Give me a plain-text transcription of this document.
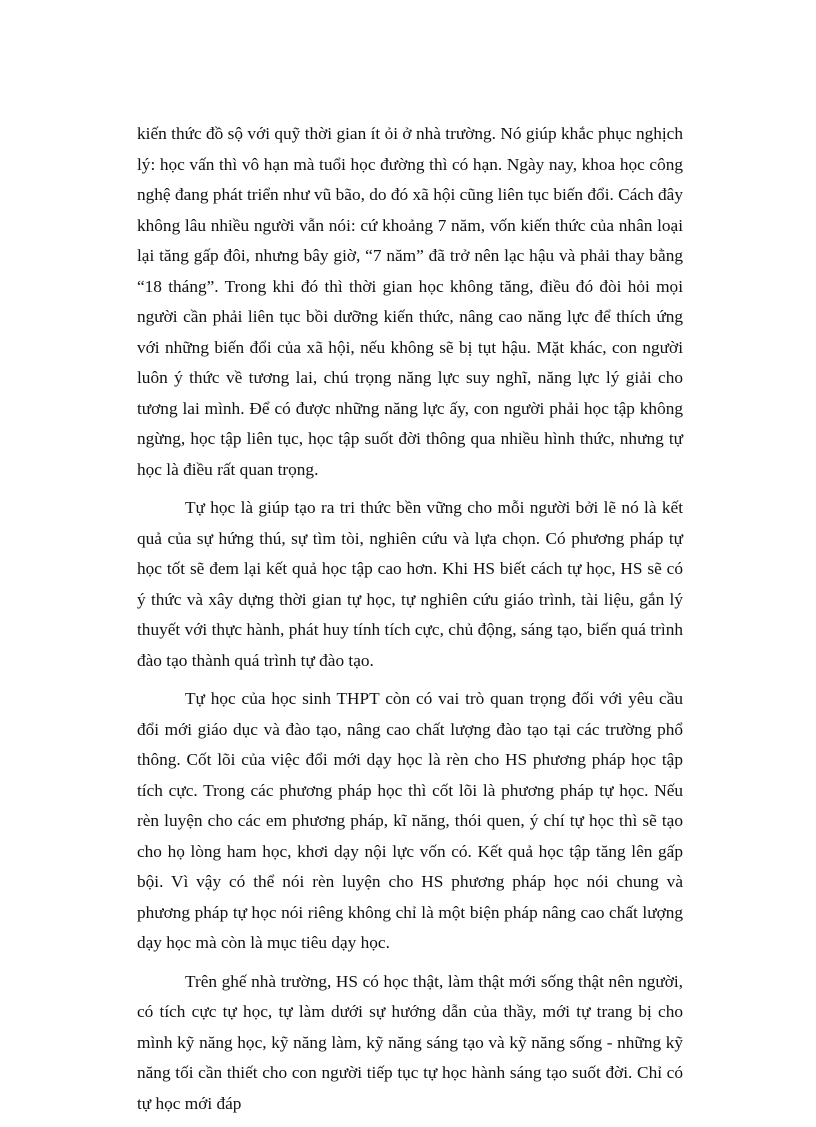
kiến thức đồ sộ với quỹ thời gian ít ỏi ở nhà trường. Nó giúp khắc phục nghịch lý: học vấn thì vô hạn mà tuổi học đường thì có hạn. Ngày nay, khoa học công nghệ đang phát triển như vũ bão, do đó xã hội cũng liên tục biến đổi. Cách đây không lâu nhiều người vẫn nói: cứ khoảng 7 năm, vốn kiến thức của nhân loại lại tăng gấp đôi, nhưng bây giờ, “7 năm” đã trở nên lạc hậu và phải thay bằng “18 tháng”. Trong khi đó thì thời gian học không tăng, điều đó đòi hỏi mọi người cần phải liên tục bồi dưỡng kiến thức, nâng cao năng lực để thích ứng với những biến đổi của xã hội, nếu không sẽ bị tụt hậu. Mặt khác, con người luôn ý thức về tương lai, chú trọng năng lực suy nghĩ, năng lực lý giải cho tương lai mình. Để có được những năng lực ấy, con người phải học tập không ngừng, học tập liên tục, học tập suốt đời thông qua nhiều hình thức, nhưng tự học là điều rất quan trọng.

Tự học là giúp tạo ra tri thức bền vững cho mỗi người bởi lẽ nó là kết quả của sự hứng thú, sự tìm tòi, nghiên cứu và lựa chọn. Có phương pháp tự học tốt sẽ đem lại kết quả học tập cao hơn. Khi HS biết cách tự học, HS sẽ có ý thức và xây dựng thời gian tự học, tự nghiên cứu giáo trình, tài liệu, gắn lý thuyết với thực hành, phát huy tính tích cực, chủ động, sáng tạo, biến quá trình đào tạo thành quá trình tự đào tạo.

Tự học của học sinh THPT còn có vai trò quan trọng đối với yêu cầu đổi mới giáo dục và đào tạo, nâng cao chất lượng đào tạo tại các trường phổ thông. Cốt lõi của việc đổi mới dạy học là rèn cho HS phương pháp học tập tích cực. Trong các phương pháp học thì cốt lõi là phương pháp tự học. Nếu rèn luyện cho các em phương pháp, kĩ năng, thói quen, ý chí tự học thì sẽ tạo cho họ lòng ham học, khơi dạy nội lực vốn có. Kết quả học tập tăng lên gấp bội. Vì vậy có thể nói rèn luyện cho HS phương pháp học nói chung và phương pháp tự học nói riêng không chỉ là một biện pháp nâng cao chất lượng dạy học mà còn là mục tiêu dạy học.

Trên ghế nhà trường, HS có học thật, làm thật mới sống thật nên người, có tích cực tự học, tự làm dưới sự hướng dẫn của thầy, mới tự trang bị cho mình kỹ năng học, kỹ năng làm, kỹ năng sáng tạo và kỹ năng sống - những kỹ năng tối cần thiết cho con người tiếp tục tự học hành sáng tạo suốt đời. Chỉ có tự học mới đáp
